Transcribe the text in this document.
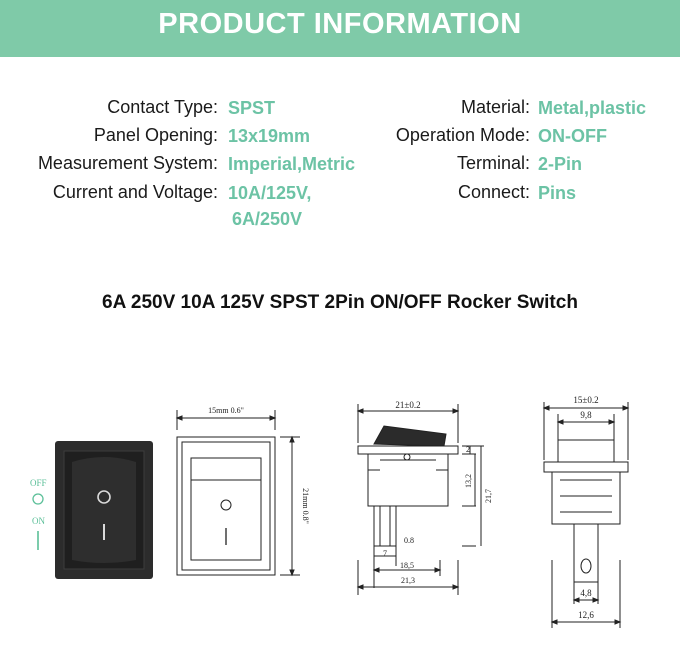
PRODUCT INFORMATION
Contact Type: SPST
Panel Opening: 13x19mm
Measurement System: Imperial,Metric
Current and Voltage: 10A/125V,
6A/250V
Material: Metal,plastic
Operation Mode: ON-OFF
Terminal: 2-Pin
Connect: Pins
6A 250V 10A 125V SPST 2Pin ON/OFF Rocker Switch
OFF
ON
15mm 0.6"
21mm 0.8"
21±0.2
2
13,2
21,7
0.8
7
18,5
21,3
15±0.2
9,8
4,8
12,6
